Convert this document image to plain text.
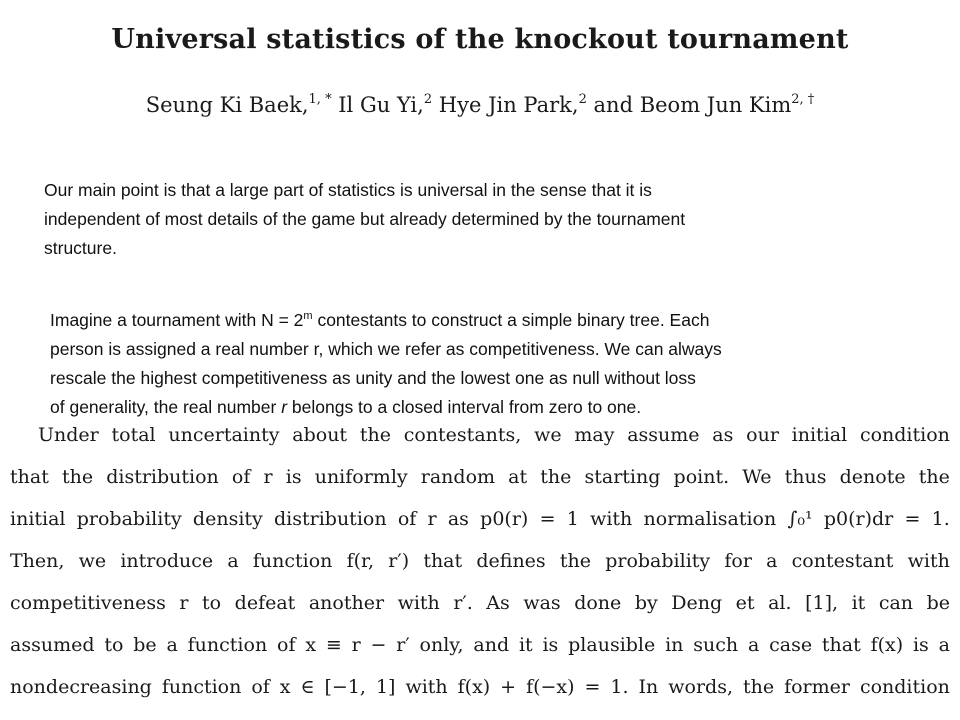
Universal statistics of the knockout tournament
Seung Ki Baek,$^{1, *}$ Il Gu Yi,$^2$ Hye Jin Park,$^2$ and Beom Jun Kim$^{2, \dagger}$
Our main point is that a large part of statistics is universal in the sense that it is
independent of most details of the game but already determined by the tournament
structure.
Imagine a tournament with $N = 2^m$ contestants to construct a simple binary tree. Each
person is assigned a real number r, which we refer as competitiveness. We can always
rescale the highest competitiveness as unity and the lowest one as null without loss
of generality, the real number r belongs to a closed interval from zero to one.
Under total uncertainty about the contestants, we may assume as our initial condition
that the distribution of r is uniformly random at the starting point. We thus denote the
initial probability density distribution of r as p0(r) = 1 with normalisation ∫₀¹ p0(r)dr = 1.
Then, we introduce a function f(r, r′) that defines the probability for a contestant with
competitiveness r to defeat another with r′. As was done by Deng et al. [1], it can be
assumed to be a function of x ≡ r − r′ only, and it is plausible in such a case that f(x) is a
nondecreasing function of x ∈ [−1, 1] with f(x) + f(−x) = 1. In words, the former condition
